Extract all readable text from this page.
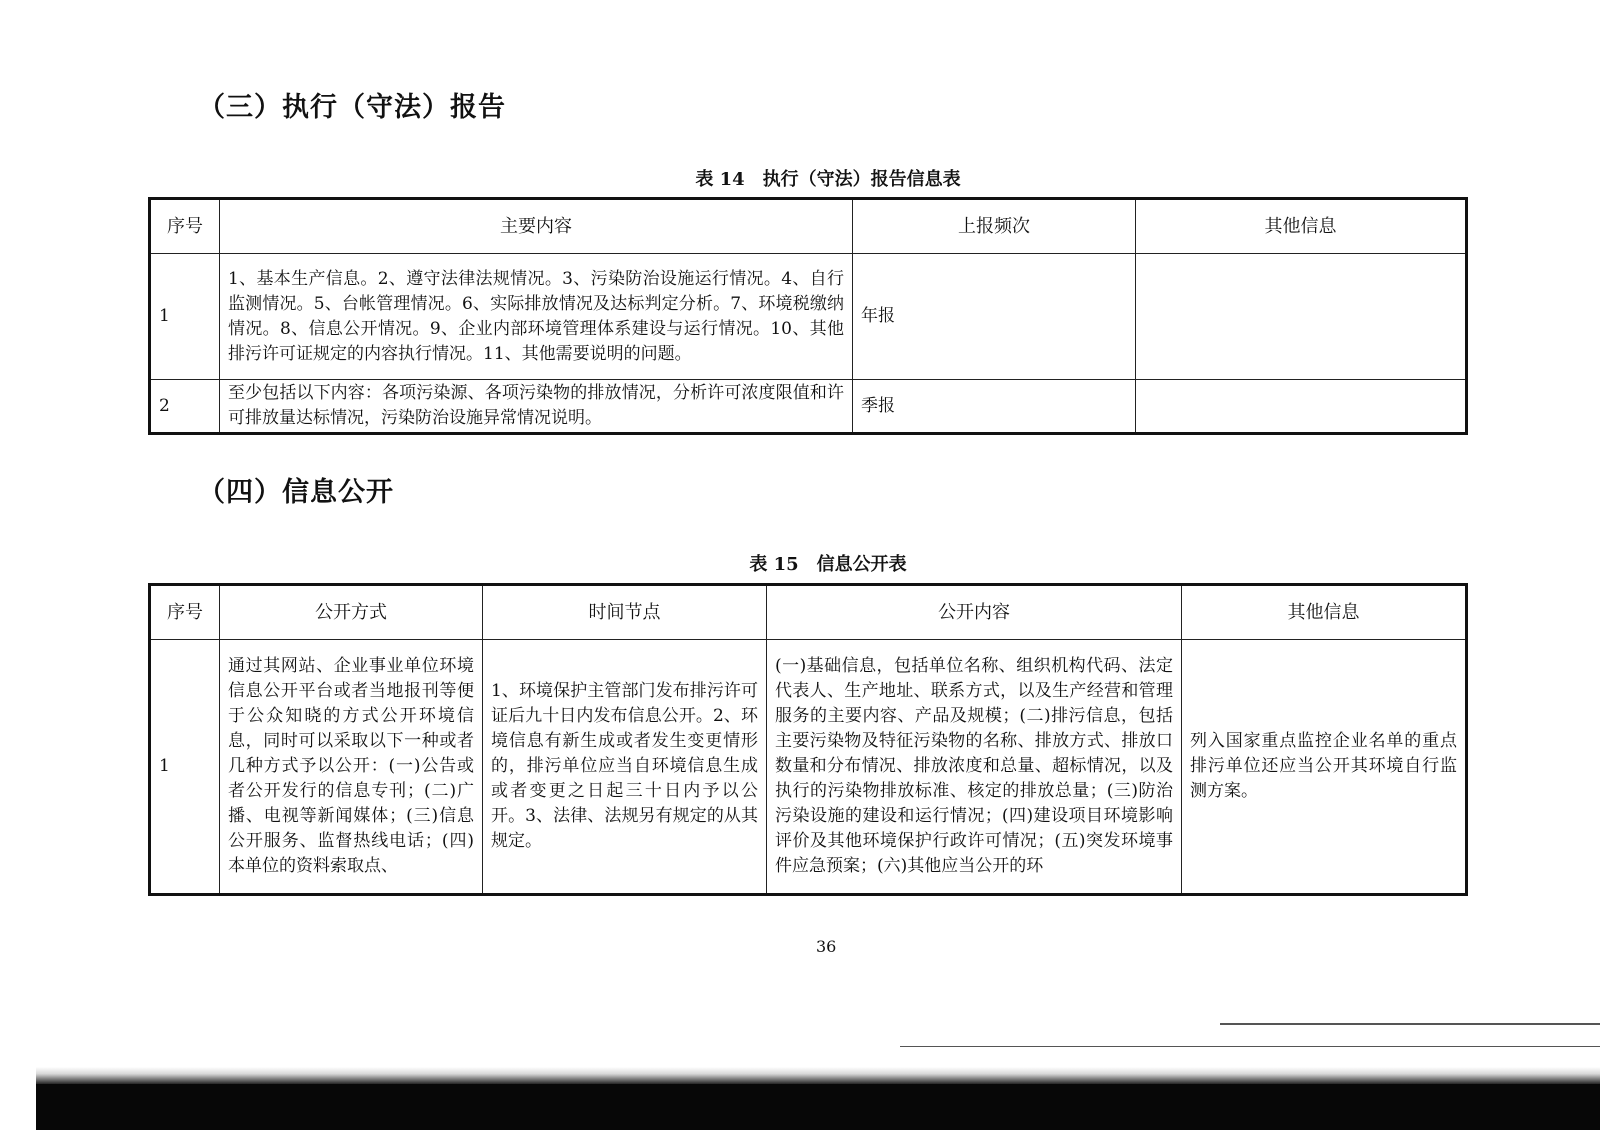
（三）执行（守法）报告
表 14　执行（守法）报告信息表
序号	主要内容	上报频次	其他信息
1	1、基本生产信息。2、遵守法律法规情况。3、污染防治设施运行情况。4、自行监测情况。5、台帐管理情况。6、实际排放情况及达标判定分析。7、环境税缴纳情况。8、信息公开情况。9、企业内部环境管理体系建设与运行情况。10、其他排污许可证规定的内容执行情况。11、其他需要说明的问题。	年报	
2	至少包括以下内容：各项污染源、各项污染物的排放情况，分析许可浓度限值和许可排放量达标情况，污染防治设施异常情况说明。	季报	
（四）信息公开
表 15　信息公开表
序号	公开方式	时间节点	公开内容	其他信息
1	通过其网站、企业事业单位环境信息公开平台或者当地报刊等便于公众知晓的方式公开环境信息，同时可以采取以下一种或者几种方式予以公开：(一)公告或者公开发行的信息专刊；(二)广播、电视等新闻媒体；(三)信息公开服务、监督热线电话；(四)本单位的资料索取点、	1、环境保护主管部门发布排污许可证后九十日内发布信息公开。2、环境信息有新生成或者发生变更情形的，排污单位应当自环境信息生成或者变更之日起三十日内予以公开。3、法律、法规另有规定的从其规定。	(一)基础信息，包括单位名称、组织机构代码、法定代表人、生产地址、联系方式，以及生产经营和管理服务的主要内容、产品及规模；(二)排污信息，包括主要污染物及特征污染物的名称、排放方式、排放口数量和分布情况、排放浓度和总量、超标情况，以及执行的污染物排放标准、核定的排放总量；(三)防治污染设施的建设和运行情况；(四)建设项目环境影响评价及其他环境保护行政许可情况；(五)突发环境事件应急预案；(六)其他应当公开的环	列入国家重点监控企业名单的重点排污单位还应当公开其环境自行监测方案。
36
